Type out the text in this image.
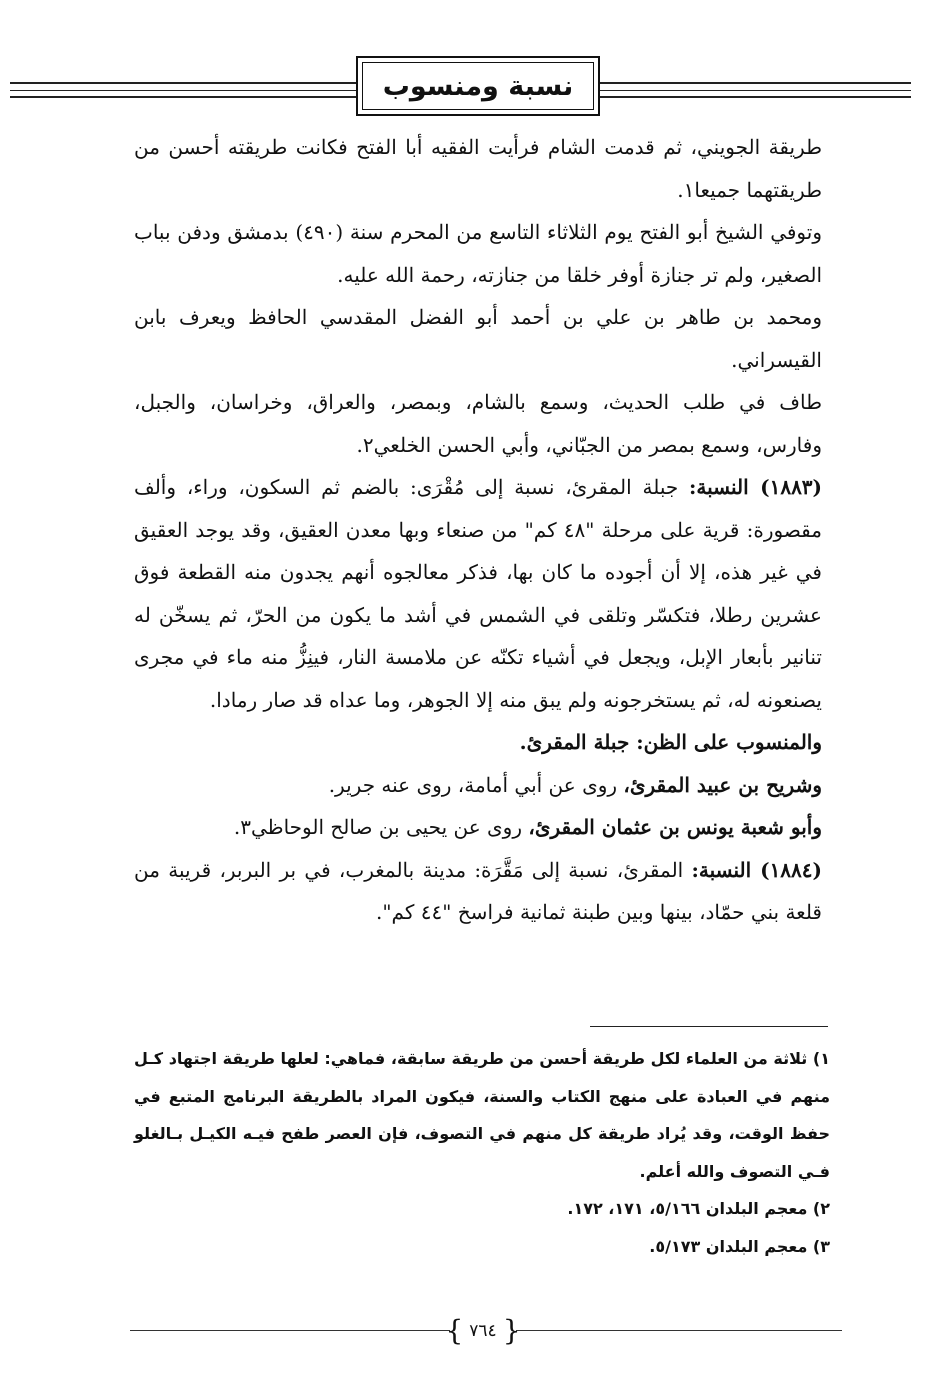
نسبة ومنسوب

طريقة الجويني، ثم قدمت الشام فرأيت الفقيه أبا الفتح فكانت طريقته أحسن من طريقتهما جميعا١.

وتوفي الشيخ أبو الفتح يوم الثلاثاء التاسع من المحرم سنة (٤٩٠) بدمشق ودفن بباب الصغير، ولم تر جنازة أوفر خلقا من جنازته، رحمة الله عليه.

ومحمد بن طاهر بن علي بن أحمد أبو الفضل المقدسي الحافظ ويعرف بابن القيسراني.

طاف في طلب الحديث، وسمع بالشام، وبمصر، والعراق، وخراسان، والجبل، وفارس، وسمع بمصر من الجبّاني، وأبي الحسن الخلعي٢.

(١٨٨٣) النسبة: جبلة المقرئ، نسبة إلى مُقْرَى: بالضم ثم السكون، وراء، وألف مقصورة: قرية على مرحلة "٤٨ كم" من صنعاء وبها معدن العقيق، وقد يوجد العقيق في غير هذه، إلا أن أجوده ما كان بها، فذكر معالجوه أنهم يجدون منه القطعة فوق عشرين رطلا، فتكسّر وتلقى في الشمس في أشد ما يكون من الحرّ، ثم يسخّن له تنانير بأبعار الإبل، ويجعل في أشياء تكنّه عن ملامسة النار، فينِزُّ منه ماء في مجرى يصنعونه له، ثم يستخرجونه ولم يبق منه إلا الجوهر، وما عداه قد صار رمادا.

والمنسوب على الظن: جبلة المقرئ.

وشريح بن عبيد المقرئ، روى عن أبي أمامة، روى عنه جرير.

وأبو شعبة يونس بن عثمان المقرئ، روى عن يحيى بن صالح الوحاظي٣.

(١٨٨٤) النسبة: المقرئ، نسبة إلى مَقَّرَة: مدينة بالمغرب، في بر البربر، قريبة من قلعة بني حمّاد، بينها وبين طبنة ثمانية فراسخ "٤٤ كم".

١) ثلاثة من العلماء لكل طريقة أحسن من طريقة سابقة، فماهي: لعلها طريقة اجتهاد كـل منهم في العبادة على منهج الكتاب والسنة، فيكون المراد بالطريقة البرنامج المتبع في حفظ الوقت، وقد يُراد طريقة كل منهم في التصوف، فإن العصر طفح فيـه الكيـل بـالغلو فـي التصوف والله أعلم.

٢) معجم البلدان ٥/١٦٦، ١٧١، ١٧٢.

٣) معجم البلدان ٥/١٧٣.

{
٧٦٤
}
